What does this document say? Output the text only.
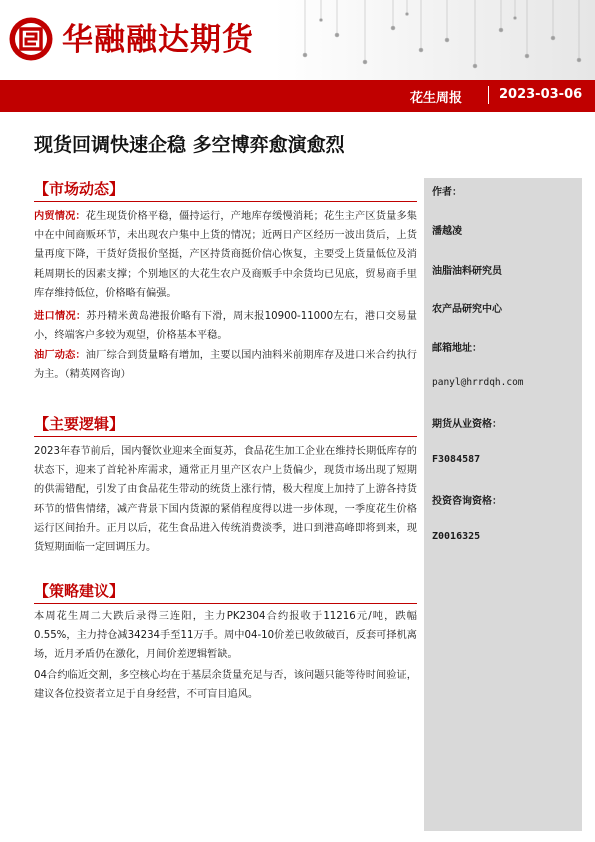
华融融达期货
花生周报	2023-03-06
现货回调快速企稳 多空博弈愈演愈烈
作者：
潘越凌
油脂油料研究员
农产品研究中心
邮箱地址：
panyl@hrrdqh.com
期货从业资格：
F3084587
投资咨询资格：
Z0016325
【市场动态】
内贸情况：花生现货价格平稳，僵持运行，产地库存缓慢消耗；花生主产区货量多集中在中间商贩环节，未出现农户集中上货的情况；近两日产区经历一波出货后，上货量再度下降，干货好货报价坚挺，产区持货商挺价信心恢复，主要受上货量低位及消耗周期长的因素支撑；个别地区的大花生农户及商贩手中余货均已见底，贸易商手里库存维持低位，价格略有偏强。
进口情况：苏丹精米黄岛港报价略有下滑，周末报10900-11000左右，港口交易量小，终端客户多较为观望，价格基本平稳。
油厂动态：油厂综合到货量略有增加，主要以国内油料米前期库存及进口米合约执行为主。（精英网咨询）
【主要逻辑】
2023年春节前后，国内餐饮业迎来全面复苏，食品花生加工企业在维持长期低库存的状态下，迎来了首轮补库需求，通常正月里产区农户上货偏少，现货市场出现了短期的供需错配，引发了由食品花生带动的统货上涨行情，极大程度上加持了上游各持货环节的惜售情绪，减产背景下国内货源的紧俏程度得以进一步体现，一季度花生价格运行区间抬升。正月以后，花生食品进入传统消费淡季，进口到港高峰即将到来，现货短期面临一定回调压力。
【策略建议】
本周花生周二大跌后录得三连阳，主力PK2304合约报收于11216元/吨，跌幅0.55%，主力持仓减34234手至11万手。周中04-10价差已收敛破百，反套可择机离场，近月矛盾仍在激化，月间价差逻辑暂缺。
04合约临近交割，多空核心均在于基层余货量充足与否，该问题只能等待时间验证，建议各位投资者立足于自身经营，不可盲目追风。
